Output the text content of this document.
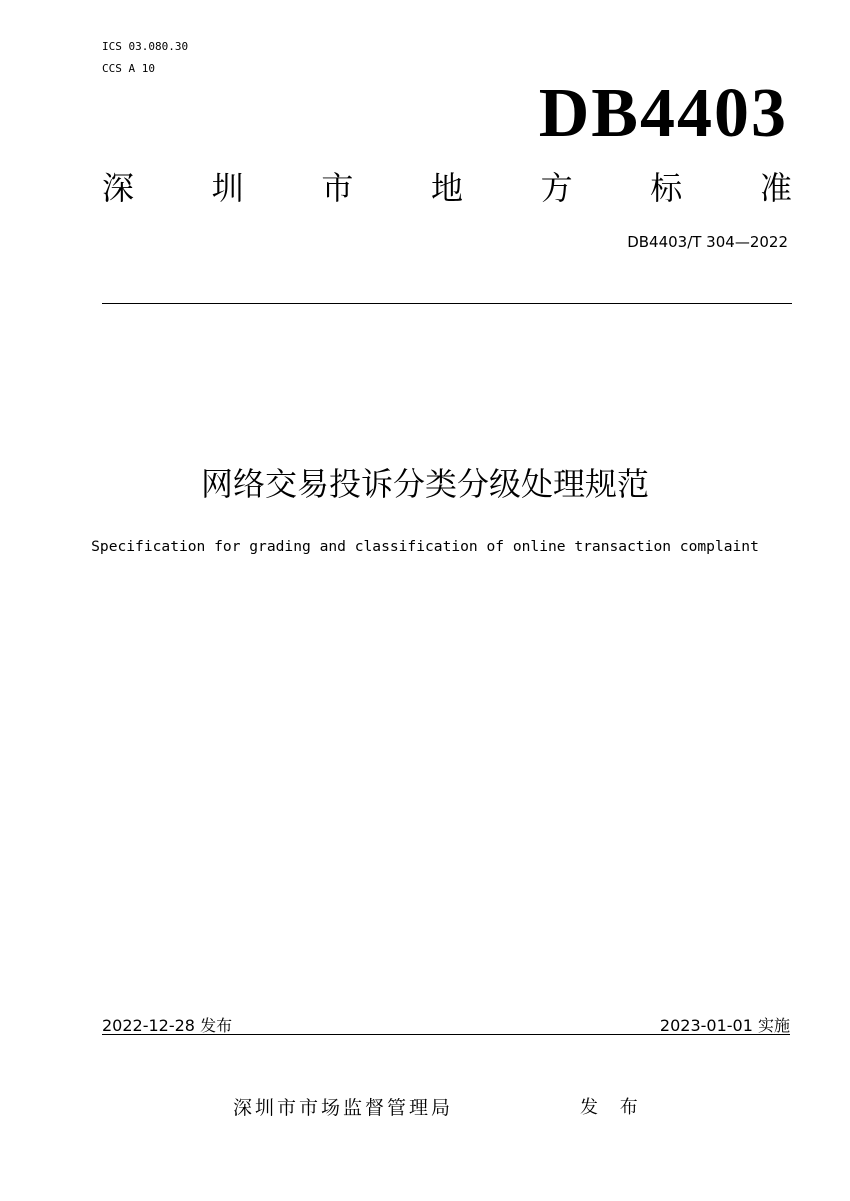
ICS 03.080.30
CCS A 10
DB4403
深 圳 市 地 方 标 准
DB4403/T 304—2022
网络交易投诉分类分级处理规范
Specification for grading and classification of online transaction complaint
2022-12-28 发布	2023-01-01 实施
深圳市市场监督管理局	发 布
